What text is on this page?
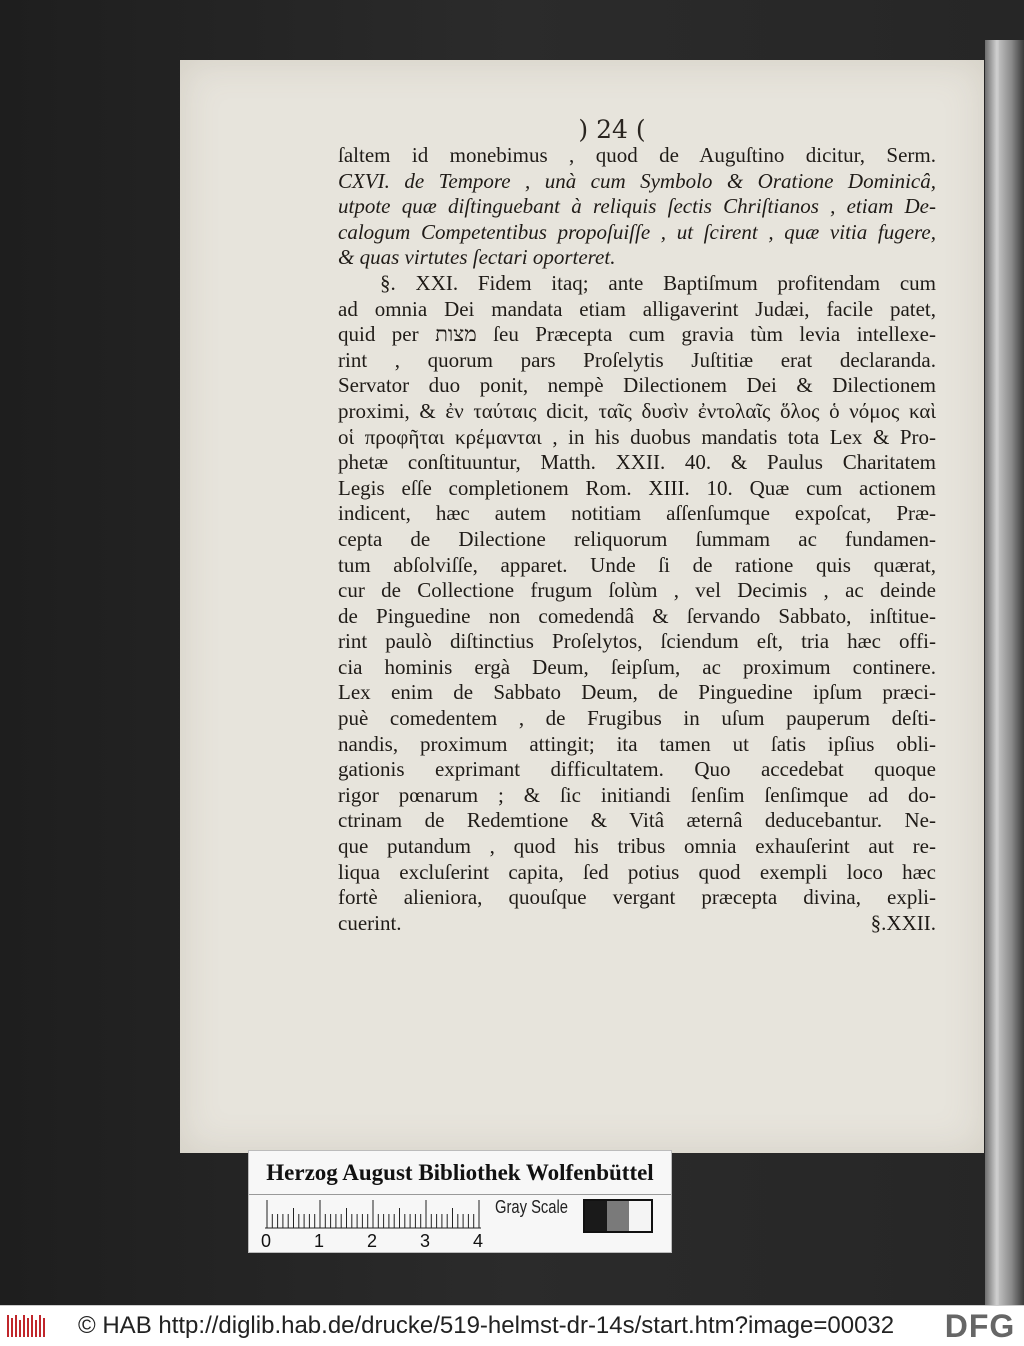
) 24 (
ſaltem id monebimus , quod de Auguſtino dicitur, Serm.
CXVI. de Tempore , unà cum Symbolo & Oratione Dominicâ,
utpote quæ diſtinguebant à reliquis ſectis Chriſtianos , etiam De-
calogum Competentibus propoſuiſſe , ut ſcirent , quæ vitia fugere,
& quas virtutes ſectari oporteret.
§. XXI. Fidem itaq; ante Baptiſmum profitendam cum
ad omnia Dei mandata etiam alligaverint Judæi, facile patet,
quid per מצות ſeu Præcepta cum gravia tùm levia intellexe-
rint , quorum pars Proſelytis Juſtitiæ erat declaranda.
Servator duo ponit, nempè Dilectionem Dei & Dilectionem
proximi, & ἐν ταύταις dicit, ταῖς δυσὶν ἐντολαῖς ὅλος ὁ νόμος καὶ
οἱ προφῆται κρέμανται , in his duobus mandatis tota Lex & Pro-
phetæ conſtituuntur, Matth. XXII. 40. & Paulus Charitatem
Legis eſſe completionem Rom. XIII. 10. Quæ cum actionem
indicent, hæc autem notitiam aſſenſumque expoſcat, Præ-
cepta de Dilectione reliquorum ſummam ac fundamen-
tum abſolviſſe, apparet. Unde ſi de ratione quis quærat,
cur de Collectione frugum ſolùm , vel Decimis , ac deinde
de Pinguedine non comedendâ & ſervando Sabbato, inſtitue-
rint paulò diſtinctius Proſelytos, ſciendum eſt, tria hæc offi-
cia hominis ergà Deum, ſeipſum, ac proximum continere.
Lex enim de Sabbato Deum, de Pinguedine ipſum præci-
puè comedentem , de Frugibus in uſum pauperum deſti-
nandis, proximum attingit; ita tamen ut ſatis ipſius obli-
gationis exprimant difficultatem. Quo accedebat quoque
rigor pœnarum ; & ſic initiandi ſenſim ſenſimque ad do-
ctrinam de Redemtione & Vitâ æternâ deducebantur. Ne-
que putandum , quod his tribus omnia exhauſerint aut re-
liqua excluſerint capita, ſed potius quod exempli loco hæc
fortè alieniora, quouſque vergant præcepta divina, expli-
cuerint.	§.XXII.
Herzog August Bibliothek Wolfenbüttel
0 1 2 3 4
Gray Scale
© HAB http://diglib.hab.de/drucke/519-helmst-dr-14s/start.htm?image=00032 DFG
